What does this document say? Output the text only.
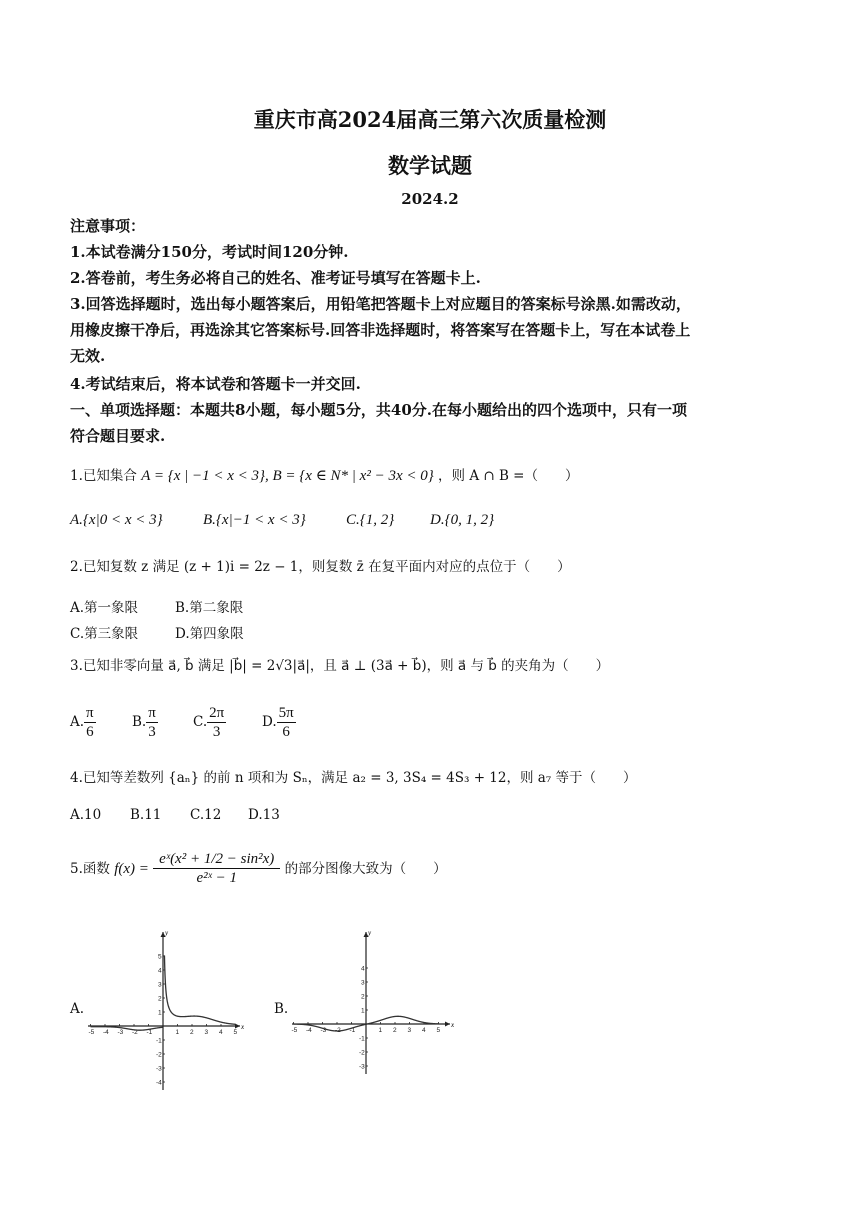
重庆市高2024届高三第六次质量检测
数学试题
2024.2
注意事项：
1.本试卷满分150分，考试时间120分钟.
2.答卷前，考生务必将自己的姓名、准考证号填写在答题卡上.
3.回答选择题时，选出每小题答案后，用铅笔把答题卡上对应题目的答案标号涂黑.如需改动，
用橡皮擦干净后，再选涂其它答案标号.回答非选择题时，将答案写在答题卡上，写在本试卷上
无效.
4.考试结束后，将本试卷和答题卡一并交回.
一、单项选择题：本题共8小题，每小题5分，共40分.在每小题给出的四个选项中，只有一项
符合题目要求.
1.已知集合 A = {x | −1 < x < 3}, B = {x ∈ N* | x² − 3x < 0} ，则 A ∩ B =（　　）
A.{x|0 < x < 3}	B.{x|−1 < x < 3}	C.{1, 2} D.{0, 1, 2}
2.已知复数 z 满足 (z + 1)i = 2z − 1，则复数 z̄ 在复平面内对应的点位于（　　）
A.第一象限	B.第二象限
C.第三象限	D.第四象限
3.已知非零向量 a⃗, b⃗ 满足 |b⃗| = 2√3|a⃗|，且 a⃗ ⊥ (3a⃗ + b⃗)，则 a⃗ 与 b⃗ 的夹角为（　　）
A. $\frac{\pi}{6}$	B. $\frac{\pi}{3}$	C. $\frac{2\pi}{3}$	D. $\frac{5\pi}{6}$
4.已知等差数列 {aₙ} 的前 n 项和为 Sₙ，满足 a₂ = 3, 3S₄ = 4S₃ + 12，则 a₇ 等于（　　）
A.10 B.11 C.12 D.13
5.函数 $f(x) = \frac{\text{eˣ(x² + 1/2 − sin²x)}}{\text{e²ˣ − 1}}$ 的部分图像大致为（　　）
A.	B.
x
y
-5 -4 -3 -2 -1	1 2 3 4 5
5
4
3
2
1
-1
-2
-3
-4
x
y
-5 -4 -3 -2 -1	1 2 3 4 5
4
3
2
1
-1
-2
-3
